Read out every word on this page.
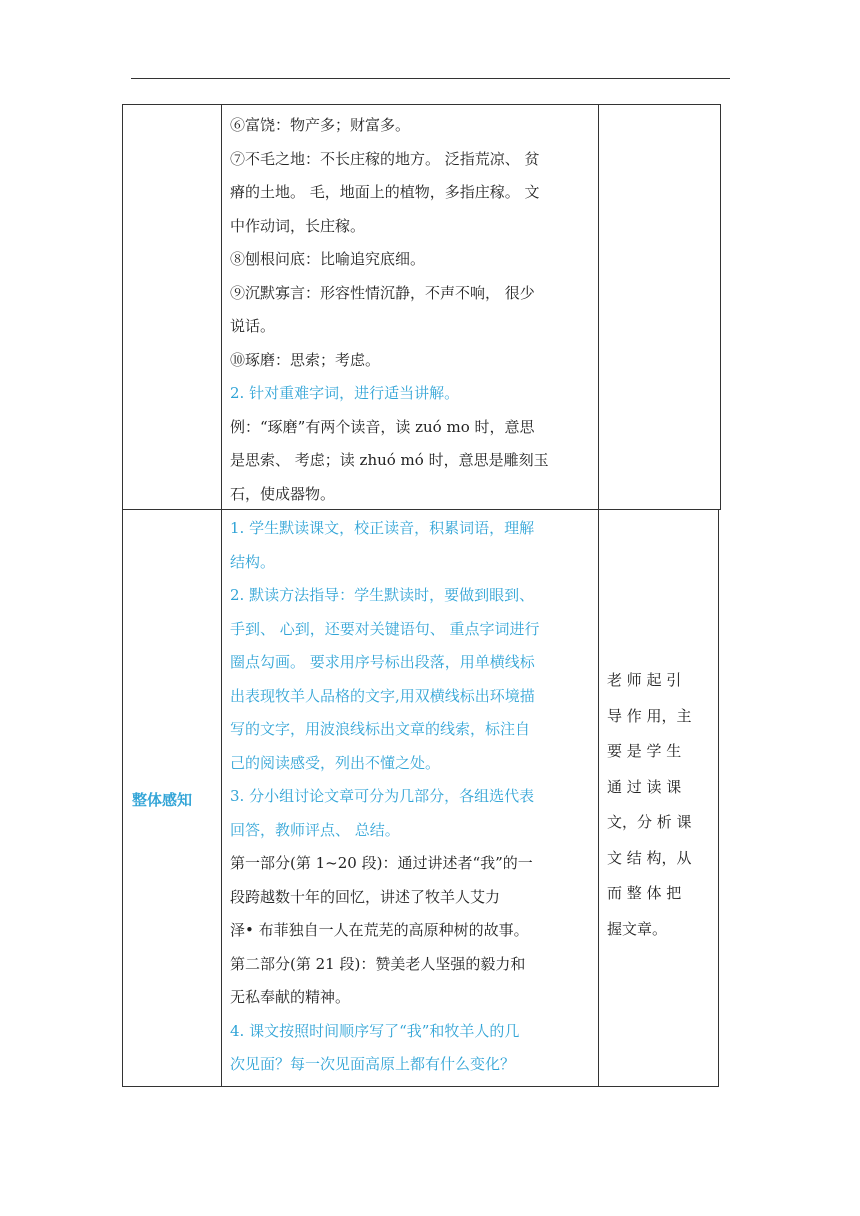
⑥富饶：物产多；财富多。
⑦不毛之地：不长庄稼的地方。 泛指荒凉、 贫
瘠的土地。 毛，地面上的植物，多指庄稼。 文
中作动词，长庄稼。
⑧刨根问底：比喻追究底细。
⑨沉默寡言：形容性情沉静，不声不响， 很少
说话。
⑩琢磨：思索；考虑。
2. 针对重难字词，进行适当讲解。
例：“琢磨”有两个读音，读 zuó mo 时，意思
是思索、 考虑；读 zhuó mó 时，意思是雕刻玉
石，使成器物。
整体感知
1. 学生默读课文，校正读音，积累词语，理解
结构。
2. 默读方法指导：学生默读时，要做到眼到、
手到、 心到，还要对关键语句、 重点字词进行
圈点勾画。 要求用序号标出段落，用单横线标
出表现牧羊人品格的文字,用双横线标出环境描
写的文字，用波浪线标出文章的线索，标注自
己的阅读感受，列出不懂之处。
3. 分小组讨论文章可分为几部分，各组选代表
回答，教师评点、 总结。
第一部分(第 1~20 段)：通过讲述者“我”的一
段跨越数十年的回忆，讲述了牧羊人艾力
泽• 布菲独自一人在荒芜的高原种树的故事。
第二部分(第 21 段)：赞美老人坚强的毅力和
无私奉献的精神。
4. 课文按照时间顺序写了“我”和牧羊人的几
次见面？每一次见面高原上都有什么变化？
老 师 起 引
导 作 用，主
要 是 学 生
通 过 读 课
文，分 析 课
文 结 构，从
而 整 体 把
握文章。
